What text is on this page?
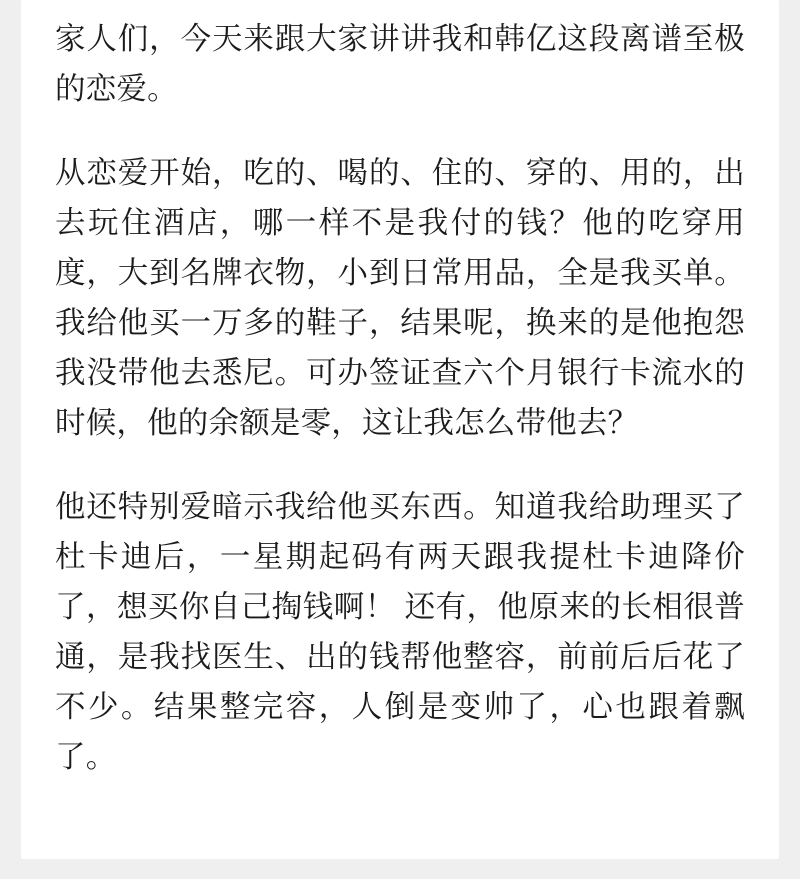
家人们，今天来跟大家讲讲我和韩亿这段离谱至极的恋爱。

从恋爱开始，吃的、喝的、住的、穿的、用的，出去玩住酒店，哪一样不是我付的钱？他的吃穿用度，大到名牌衣物，小到日常用品，全是我买单。我给他买一万多的鞋子，结果呢，换来的是他抱怨我没带他去悉尼。可办签证查六个月银行卡流水的时候，他的余额是零，这让我怎么带他去？

他还特别爱暗示我给他买东西。知道我给助理买了杜卡迪后，一星期起码有两天跟我提杜卡迪降价了，想买你自己掏钱啊！ 还有，他原来的长相很普通，是我找医生、出的钱帮他整容，前前后后花了不少。结果整完容，人倒是变帅了，心也跟着飘了。
